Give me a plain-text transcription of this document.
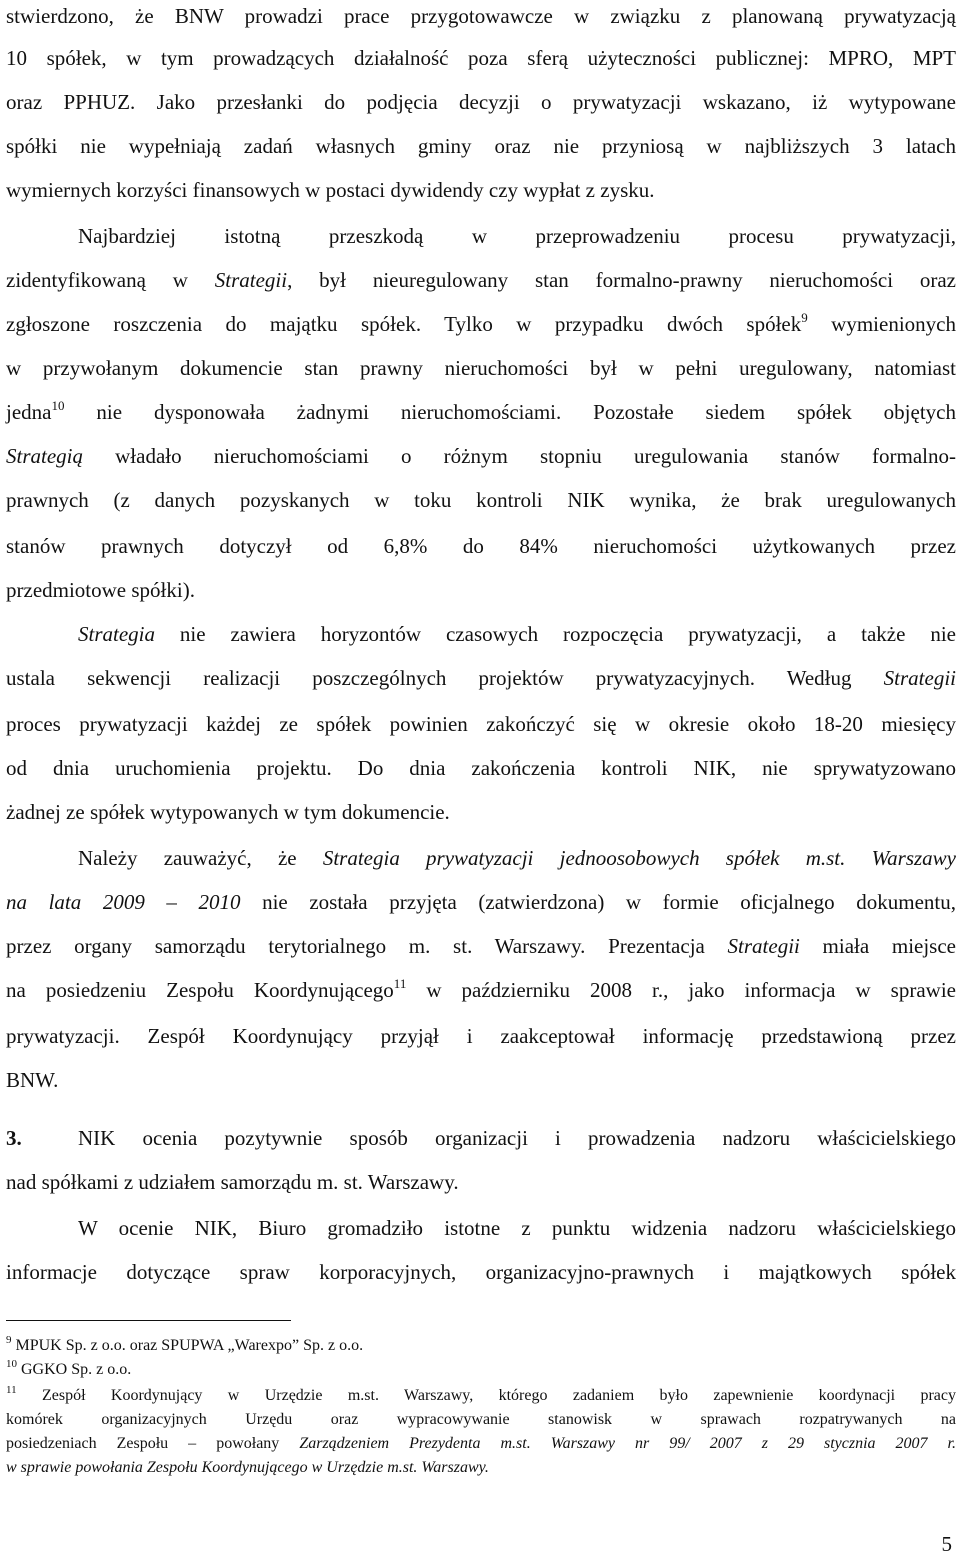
stwierdzono, że BNW prowadzi prace przygotowawcze w związku z planowaną prywatyzacją
10 spółek, w tym prowadzących działalność poza sferą użyteczności publicznej: MPRO, MPT
oraz PPHUZ. Jako przesłanki do podjęcia decyzji o prywatyzacji wskazano, iż wytypowane
spółki nie wypełniają zadań własnych gminy oraz nie przyniosą w najbliższych 3 latach
wymiernych korzyści finansowych w postaci dywidendy czy wypłat z zysku.
Najbardziej istotną przeszkodą w przeprowadzeniu procesu prywatyzacji,
zidentyfikowaną w Strategii, był nieuregulowany stan formalno-prawny nieruchomości oraz
zgłoszone roszczenia do majątku spółek. Tylko w przypadku dwóch spółek$^9$ wymienionych
w przywołanym dokumencie stan prawny nieruchomości był w pełni uregulowany, natomiast
jedna$^{10}$ nie dysponowała żadnymi nieruchomościami. Pozostałe siedem spółek objętych
Strategią władało nieruchomościami o różnym stopniu uregulowania stanów formalno-
prawnych (z danych pozyskanych w toku kontroli NIK wynika, że brak uregulowanych
stanów prawnych dotyczył od 6,8% do 84% nieruchomości użytkowanych przez
przedmiotowe spółki).
Strategia nie zawiera horyzontów czasowych rozpoczęcia prywatyzacji, a także nie
ustala sekwencji realizacji poszczególnych projektów prywatyzacyjnych. Według Strategii
proces prywatyzacji każdej ze spółek powinien zakończyć się w okresie około 18-20 miesięcy
od dnia uruchomienia projektu. Do dnia zakończenia kontroli NIK, nie sprywatyzowano
żadnej ze spółek wytypowanych w tym dokumencie.
Należy zauważyć, że Strategia prywatyzacji jednoosobowych spółek m.st. Warszawy
na lata 2009 – 2010 nie została przyjęta (zatwierdzona) w formie oficjalnego dokumentu,
przez organy samorządu terytorialnego m. st. Warszawy. Prezentacja Strategii miała miejsce
na posiedzeniu Zespołu Koordynującego$^{11}$ w październiku 2008 r., jako informacja w sprawie
prywatyzacji. Zespół Koordynujący przyjął i zaakceptował informację przedstawioną przez
BNW.
3.	NIK ocenia pozytywnie sposób organizacji i prowadzenia nadzoru właścicielskiego
nad spółkami z udziałem samorządu m. st. Warszawy.
W ocenie NIK, Biuro gromadziło istotne z punktu widzenia nadzoru właścicielskiego
informacje dotyczące spraw korporacyjnych, organizacyjno-prawnych i majątkowych spółek
$^9$ MPUK Sp. z o.o. oraz SPUPWA „Warexpo” Sp. z o.o.
$^{10}$ GGKO Sp. z o.o.
$^{11}$ Zespół Koordynujący w Urzędzie m.st. Warszawy, którego zadaniem było zapewnienie koordynacji pracy
komórek organizacyjnych Urzędu oraz wypracowywanie stanowisk w sprawach rozpatrywanych na
posiedzeniach Zespołu – powołany Zarządzeniem Prezydenta m.st. Warszawy nr 99/ 2007 z 29 stycznia 2007 r.
w sprawie powołania Zespołu Koordynującego w Urzędzie m.st. Warszawy.
5
